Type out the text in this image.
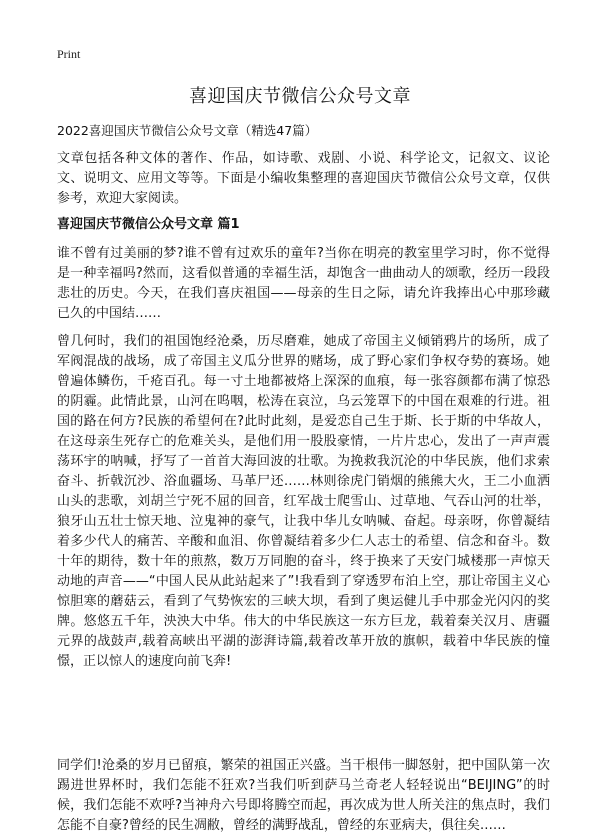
Print
喜迎国庆节微信公众号文章
2022喜迎国庆节微信公众号文章（精选47篇）

文章包括各种文体的著作、作品，如诗歌、戏剧、小说、科学论文，记叙文、议论文、说明文、应用文等等。下面是小编收集整理的喜迎国庆节微信公众号文章，仅供参考，欢迎大家阅读。

喜迎国庆节微信公众号文章 篇1

谁不曾有过美丽的梦?谁不曾有过欢乐的童年?当你在明亮的教室里学习时，你不觉得是一种幸福吗?然而，这看似普通的幸福生活，却饱含一曲曲动人的颂歌，经历一段段悲壮的历史。今天，在我们喜庆祖国——母亲的生日之际，请允许我捧出心中那珍藏已久的中国结……

曾几何时，我们的祖国饱经沧桑，历尽磨难，她成了帝国主义倾销鸦片的场所，成了军阀混战的战场，成了帝国主义瓜分世界的赌场，成了野心家们争权夺势的赛场。她曾遍体鳞伤，千疮百孔。每一寸土地都被烙上深深的血痕，每一张容颜都布满了惊恐的阴霾。此情此景，山河在呜咽，松涛在哀泣，乌云笼罩下的中国在艰难的行进。祖国的路在何方?民族的希望何在?此时此刻，是爱恋自己生于斯、长于斯的中华故人，在这母亲生死存亡的危难关头，是他们用一股股豪情，一片片忠心，发出了一声声震荡环宇的呐喊，抒写了一首首大海回波的壮歌。为挽救我沉沦的中华民族，他们求索奋斗、折戟沉沙、浴血疆场、马革尸还……林则徐虎门销烟的熊熊大火，王二小血洒山头的悲歌，刘胡兰宁死不屈的回音，红军战士爬雪山、过草地、气吞山河的壮举，狼牙山五壮士惊天地、泣鬼神的豪气，让我中华儿女呐喊、奋起。母亲呀，你曾凝结着多少代人的痛苦、辛酸和血泪、你曾凝结着多少仁人志士的希望、信念和奋斗。数十年的期待，数十年的煎熬，数万万同胞的奋斗，终于换来了天安门城楼那一声惊天动地的声音——“中国人民从此站起来了”!我看到了穿透罗布泊上空，那让帝国主义心惊胆寒的蘑菇云，看到了气势恢宏的三峡大坝，看到了奥运健儿手中那金光闪闪的奖牌。悠悠五千年，泱泱大中华。伟大的中华民族这一东方巨龙，载着秦关汉月、唐疆元界的战鼓声,载着高峡出平湖的澎湃诗篇,载着改革开放的旗帜，载着中华民族的憧憬，正以惊人的速度向前飞奔!

同学们!沧桑的岁月已留痕，繁荣的祖国正兴盛。当干根伟一脚怒射，把中国队第一次踢进世界杯时，我们怎能不狂欢?当我们听到萨马兰奇老人轻轻说出“BEIJING”的时候，我们怎能不欢呼?当神舟六号即将腾空而起，再次成为世人所关注的焦点时，我们怎能不自豪?曾经的民生凋敝，曾经的满野战乱，曾经的东亚病夫，俱往矣……
